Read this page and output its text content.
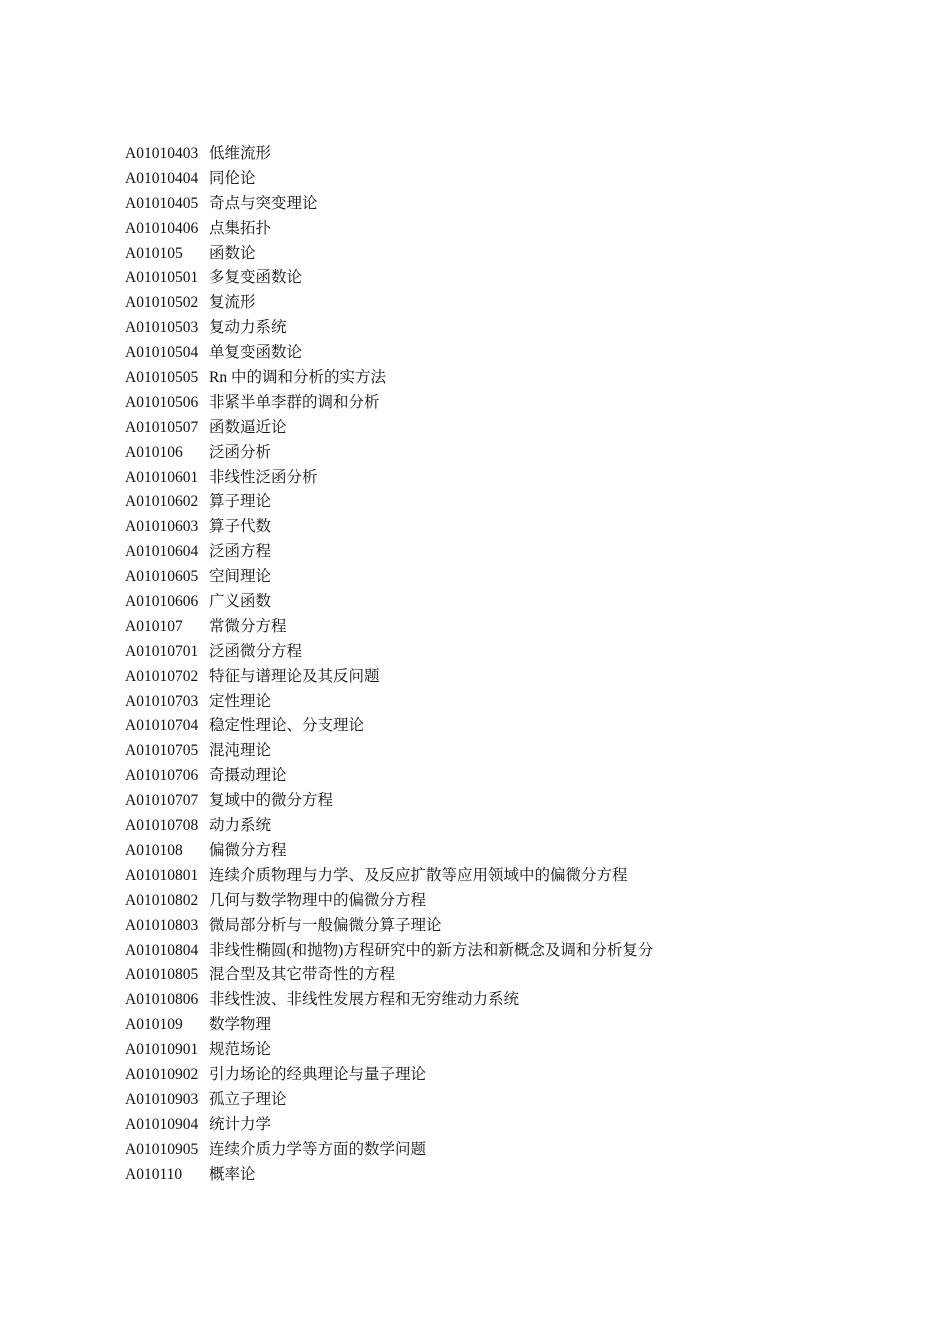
A01010403 低维流形
A01010404 同伦论
A01010405 奇点与突变理论
A01010406 点集拓扑
A010105 函数论
A01010501 多复变函数论
A01010502 复流形
A01010503 复动力系统
A01010504 单复变函数论
A01010505 Rn 中的调和分析的实方法
A01010506 非紧半单李群的调和分析
A01010507 函数逼近论
A010106 泛函分析
A01010601 非线性泛函分析
A01010602 算子理论
A01010603 算子代数
A01010604 泛函方程
A01010605 空间理论
A01010606 广义函数
A010107 常微分方程
A01010701 泛函微分方程
A01010702 特征与谱理论及其反问题
A01010703 定性理论
A01010704 稳定性理论、分支理论
A01010705 混沌理论
A01010706 奇摄动理论
A01010707 复域中的微分方程
A01010708 动力系统
A010108 偏微分方程
A01010801 连续介质物理与力学、及反应扩散等应用领域中的偏微分方程
A01010802 几何与数学物理中的偏微分方程
A01010803 微局部分析与一般偏微分算子理论
A01010804 非线性椭圆(和抛物)方程研究中的新方法和新概念及调和分析复分
A01010805 混合型及其它带奇性的方程
A01010806 非线性波、非线性发展方程和无穷维动力系统
A010109 数学物理
A01010901 规范场论
A01010902 引力场论的经典理论与量子理论
A01010903 孤立子理论
A01010904 统计力学
A01010905 连续介质力学等方面的数学问题
A010110 概率论
